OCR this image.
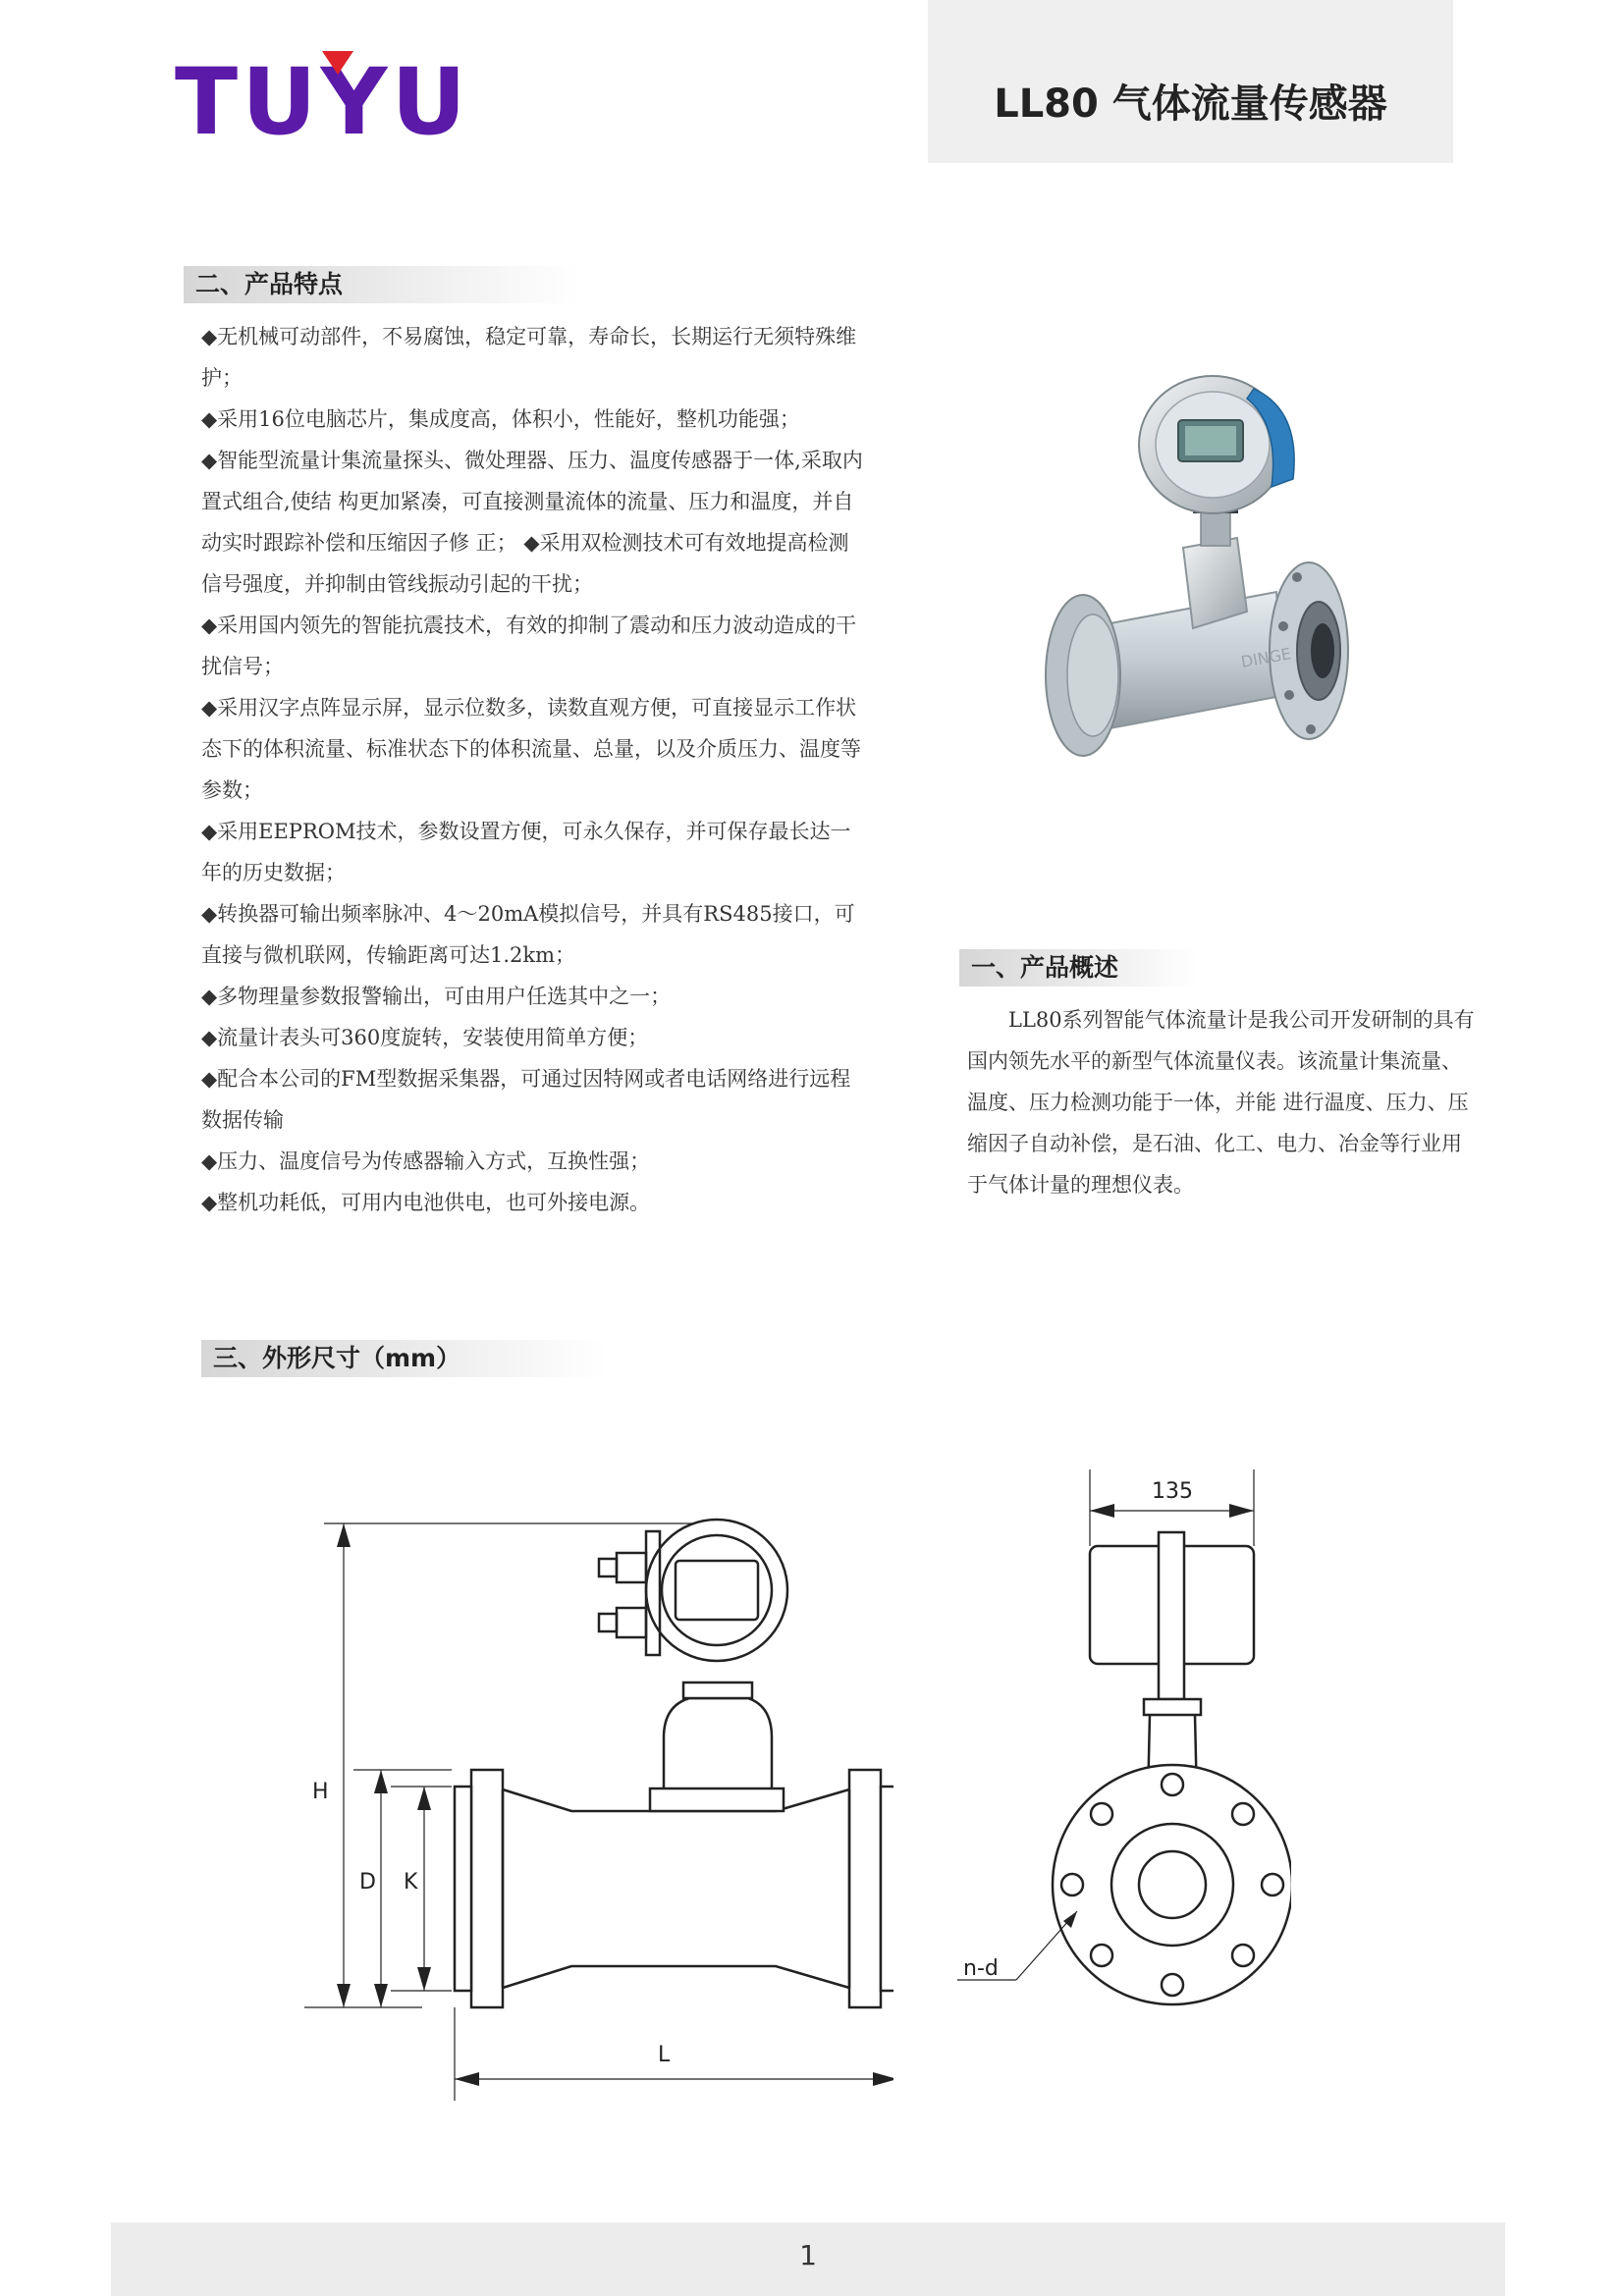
TUYU	LL80 气体流量传感器
二、产品特点
◆无机械可动部件，不易腐蚀，稳定可靠，寿命长，长期运行无须特殊维护；
◆采用16位电脑芯片，集成度高，体积小，性能好，整机功能强；
◆智能型流量计集流量探头、微处理器、压力、温度传感器于一体,采取内置式组合,使结 构更加紧凑，可直接测量流体的流量、压力和温度，并自动实时跟踪补偿和压缩因子修 正； ◆采用双检测技术可有效地提高检测信号强度，并抑制由管线振动引起的干扰；
◆采用国内领先的智能抗震技术，有效的抑制了震动和压力波动造成的干扰信号；
◆采用汉字点阵显示屏，显示位数多，读数直观方便，可直接显示工作状态下的体积流量、标准状态下的体积流量、总量，以及介质压力、温度等参数；
◆采用EEPROM技术，参数设置方便，可永久保存，并可保存最长达一年的历史数据；
◆转换器可输出频率脉冲、4～20mA模拟信号，并具有RS485接口，可直接与微机联网，传输距离可达1.2km；
◆多物理量参数报警输出，可由用户任选其中之一；
◆流量计表头可360度旋转，安装使用简单方便；
◆配合本公司的FM型数据采集器，可通过因特网或者电话网络进行远程数据传输
◆压力、温度信号为传感器输入方式，互换性强；
◆整机功耗低，可用内电池供电，也可外接电源。
DINGE
一、产品概述
LL80系列智能气体流量计是我公司开发研制的具有国内领先水平的新型气体流量仪表。该流量计集流量、温度、压力检测功能于一体，并能 进行温度、压力、压缩因子自动补偿，是石油、化工、电力、冶金等行业用于气体计量的理想仪表。
三、外形尺寸（mm）
H
D K
L
135
n-d
1
